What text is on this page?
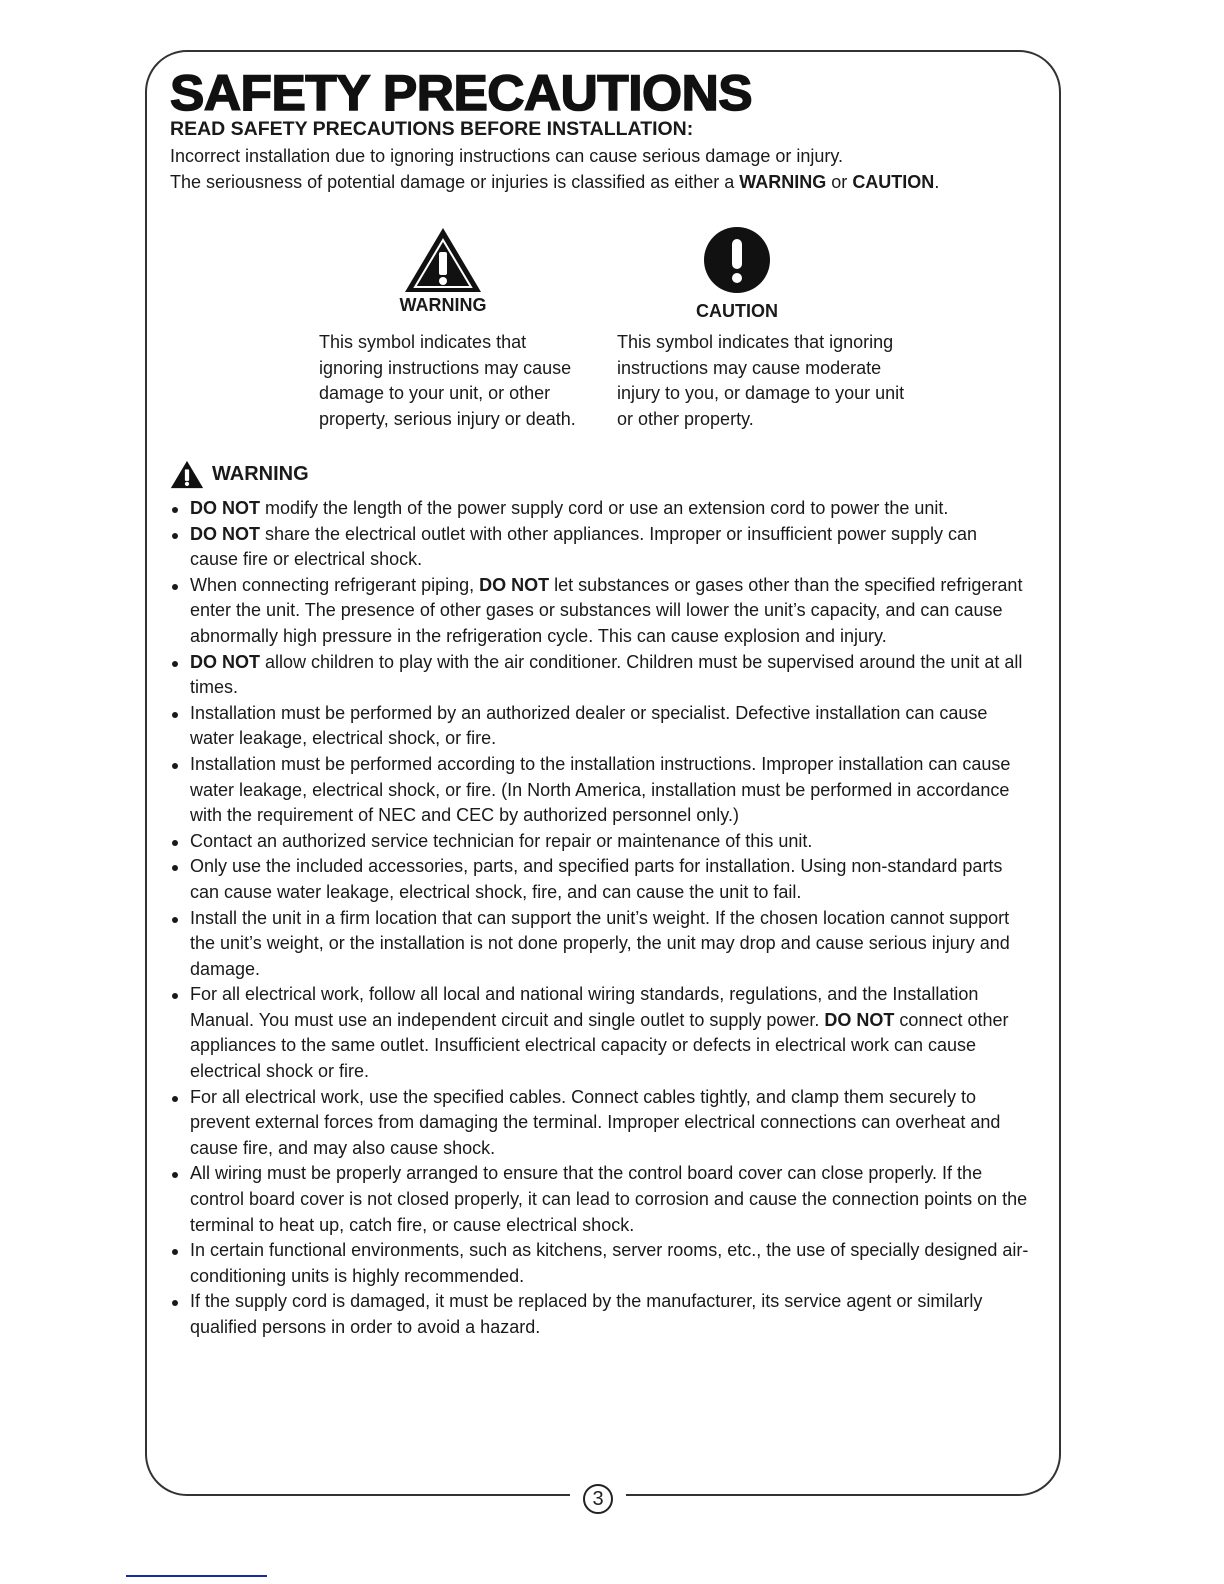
3
SAFETY PRECAUTIONS
READ SAFETY PRECAUTIONS BEFORE INSTALLATION:

Incorrect installation due to ignoring instructions can cause serious damage or injury.

The seriousness of potential damage or injuries is classified as either a WARNING or CAUTION.

WARNING	CAUTION
This symbol indicates that ignoring instructions may cause damage to your unit, or other property, serious injury or death.
This symbol indicates that ignoring instructions may cause moderate injury to you, or damage to your unit or other property.
WARNING
DO NOT modify the length of the power supply cord or use an extension cord to power the unit.
DO NOT share the electrical outlet with other appliances. Improper or insufficient power supply can cause fire or electrical shock.
When connecting refrigerant piping, DO NOT let substances or gases other than the specified refrigerant enter the unit. The presence of other gases or substances will lower the unit’s capacity, and can cause abnormally high pressure in the refrigeration cycle. This can cause explosion and injury.
DO NOT allow children to play with the air conditioner. Children must be supervised around the unit at all times.
Installation must be performed by an authorized dealer or specialist. Defective installation can cause water leakage, electrical shock, or fire.
Installation must be performed according to the installation instructions. Improper installation can cause water leakage, electrical shock, or fire. (In North America, installation must be performed in accordance with the requirement of NEC and CEC by authorized personnel only.)
Contact an authorized service technician for repair or maintenance of this unit.
Only use the included accessories, parts, and specified parts for installation. Using non-standard parts can cause water leakage, electrical shock, fire, and can cause the unit to fail.
Install the unit in a firm location that can support the unit’s weight. If the chosen location cannot support the unit’s weight, or the installation is not done properly, the unit may drop and cause serious injury and damage.
For all electrical work, follow all local and national wiring standards, regulations, and the Installation Manual. You must use an independent circuit and single outlet to supply power. DO NOT connect other appliances to the same outlet. Insufficient electrical capacity or defects in electrical work can cause electrical shock or fire.
For all electrical work, use the specified cables. Connect cables tightly, and clamp them securely to prevent external forces from damaging the terminal. Improper electrical connections can overheat and cause fire, and may also cause shock.
All wiring must be properly arranged to ensure that the control board cover can close properly. If the control board cover is not closed properly, it can lead to corrosion and cause the connection points on the terminal to heat up, catch fire, or cause electrical shock.
In certain functional environments, such as kitchens, server rooms, etc., the use of specially designed air-conditioning units is highly recommended.
If the supply cord is damaged, it must be replaced by the manufacturer, its service agent or similarly qualified persons in order to avoid a hazard.
